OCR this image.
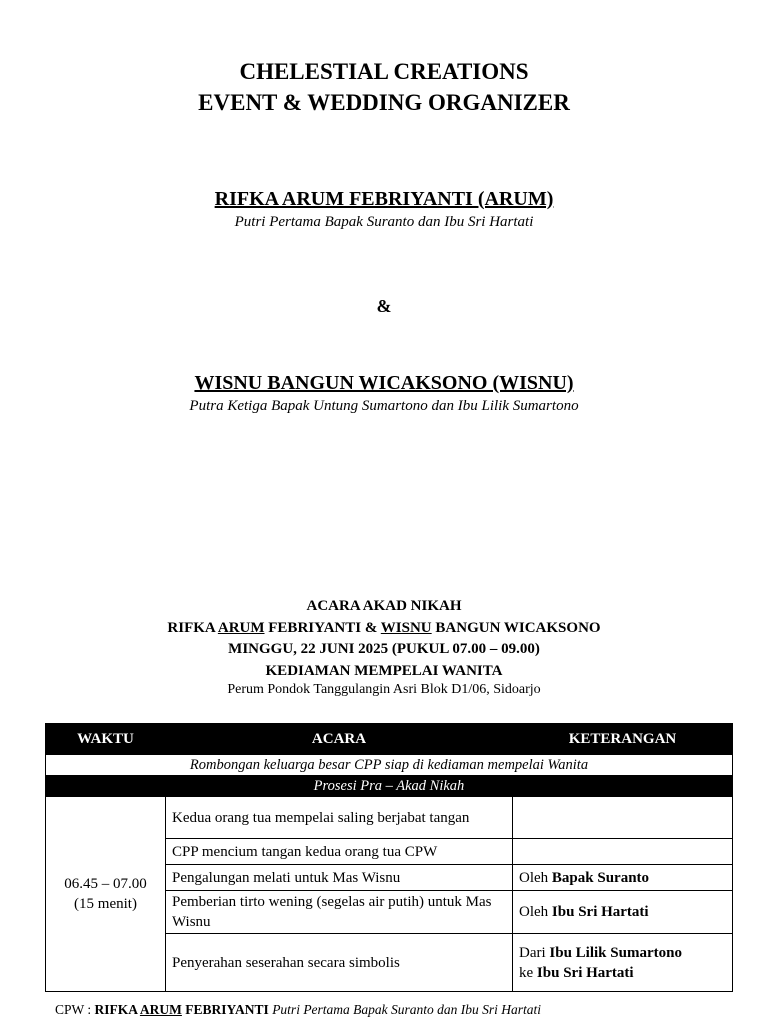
CHELESTIAL CREATIONS
EVENT & WEDDING ORGANIZER
RIFKA ARUM FEBRIYANTI (ARUM)
Putri Pertama Bapak Suranto dan Ibu Sri Hartati
&
WISNU BANGUN WICAKSONO (WISNU)
Putra Ketiga Bapak Untung Sumartono dan Ibu Lilik Sumartono
ACARA AKAD NIKAH
RIFKA ARUM FEBRIYANTI & WISNU BANGUN WICAKSONO
MINGGU, 22 JUNI 2025 (PUKUL 07.00 – 09.00)
KEDIAMAN MEMPELAI WANITA
Perum Pondok Tanggulangin Asri Blok D1/06, Sidoarjo
WAKTU	ACARA	KETERANGAN
Rombongan keluarga besar CPP siap di kediaman mempelai Wanita		
Prosesi Pra – Akad Nikah		

06.45 – 07.00
(15 menit)	Kedua orang tua mempelai saling berjabat tangan	
	CPP mencium tangan kedua orang tua CPW	
	Pengalungan melati untuk Mas Wisnu	Oleh Bapak Suranto
	Pemberian tirto wening (segelas air putih) untuk Mas Wisnu	Oleh Ibu Sri Hartati
	Penyerahan seserahan secara simbolis	Dari Ibu Lilik Sumartono
ke Ibu Sri Hartati
CPW : RIFKA ARUM FEBRIYANTI Putri Pertama Bapak Suranto dan Ibu Sri Hartati
